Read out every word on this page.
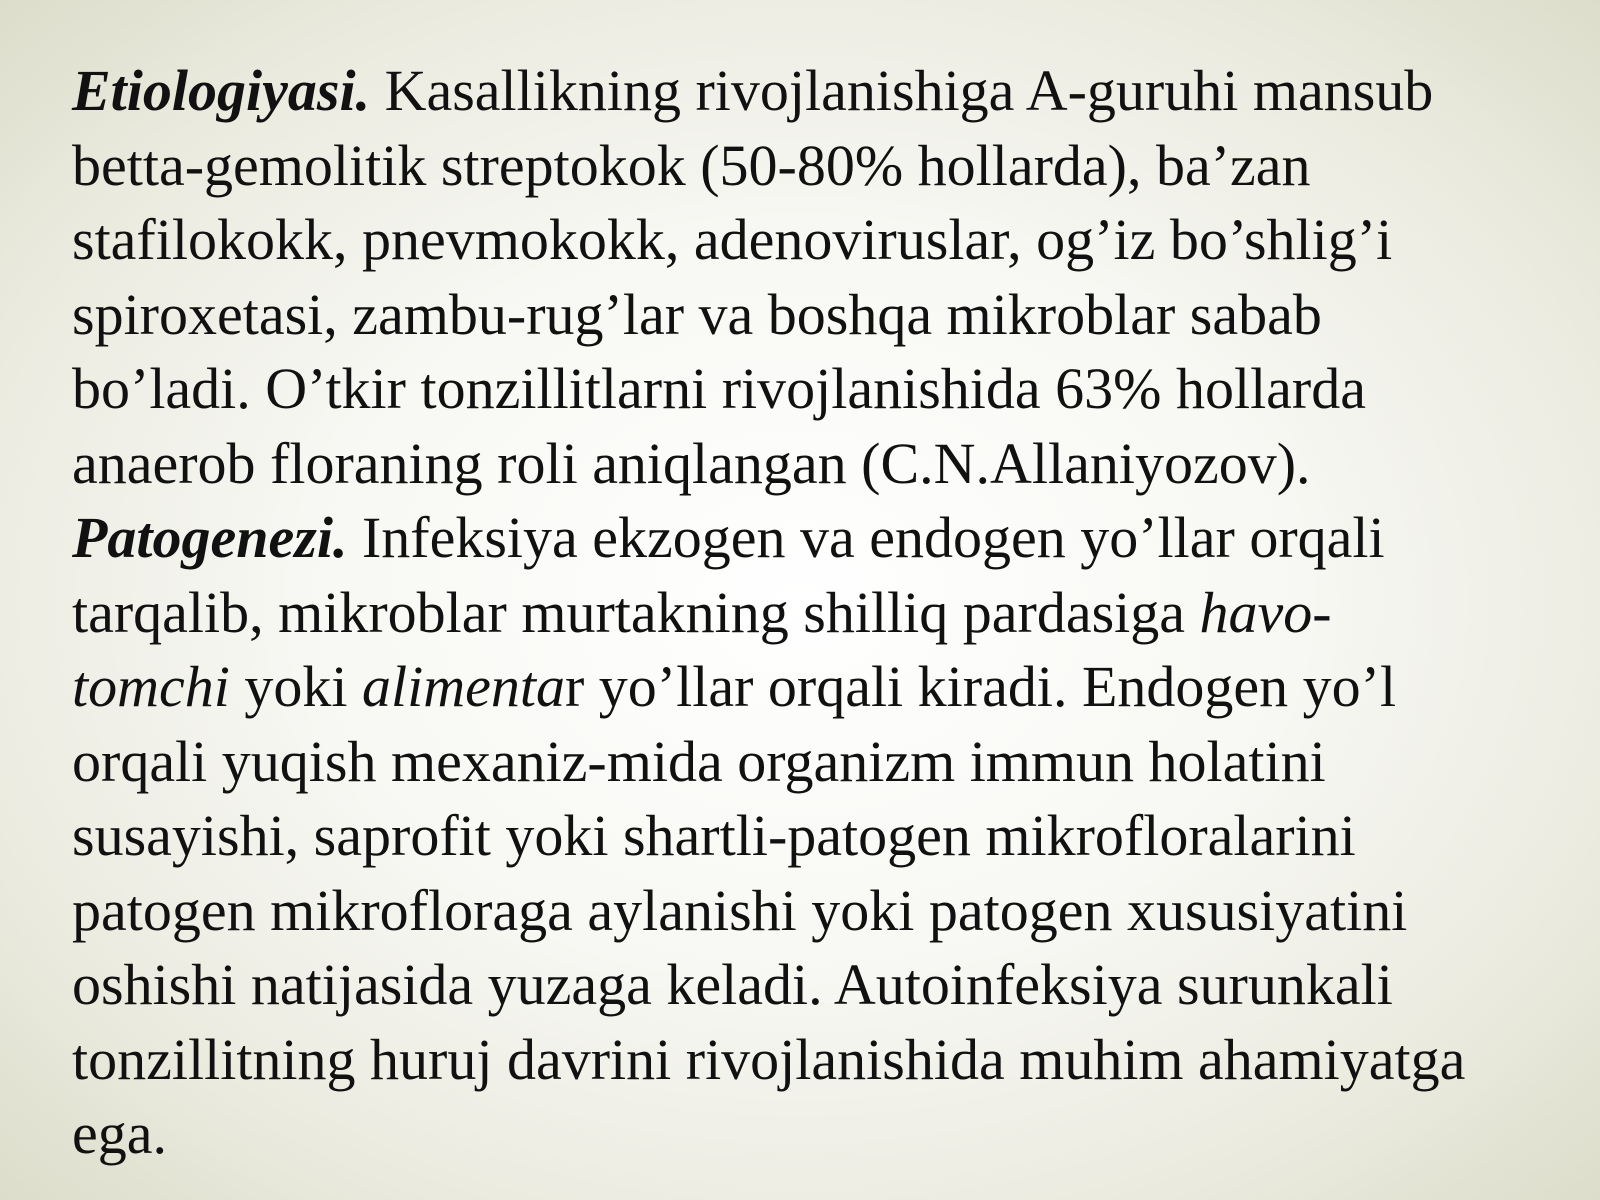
Etiologiyasi. Kasallikning rivojlanishiga A-guruhi mansub
betta-gemolitik streptokok (50-80% hollarda), ba’zan
stafilokokk, pnevmokokk, adenoviruslar, og’iz bo’shlig’i
spiroxetasi, zambu-rug’lar va boshqa mikroblar sabab
bo’ladi. O’tkir tonzillitlarni rivojlanishida 63% hollarda
anaerob floraning roli aniqlangan (C.N.Allaniyozov).
Patogenezi. Infeksiya ekzogen va endogen yo’llar orqali
tarqalib, mikroblar murtakning shilliq pardasiga havo-
tomchi yoki alimentar yo’llar orqali kiradi. Endogen yo’l
orqali yuqish mexaniz-mida organizm immun holatini
susayishi, saprofit yoki shartli-patogen mikrofloralarini
patogen mikrofloraga aylanishi yoki patogen xususiyatini
oshishi natijasida yuzaga keladi. Autoinfeksiya surunkali
tonzillitning huruj davrini rivojlanishida muhim ahamiyatga
ega.
